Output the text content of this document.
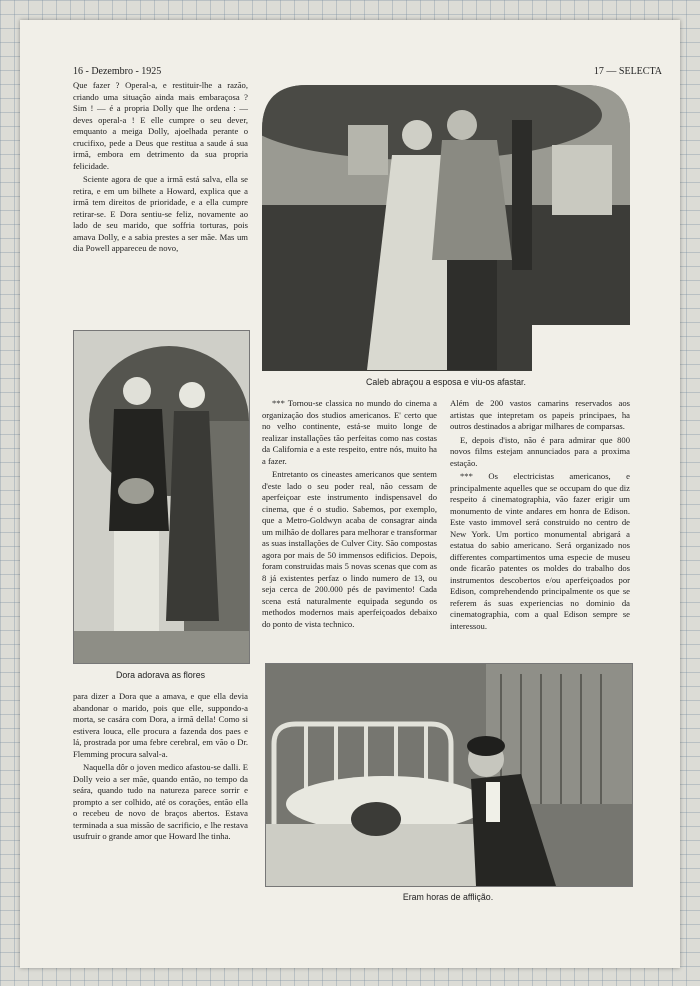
16 - Dezembro - 1925	17 — SELECTA

Que fazer ? Operal-a, e restituir-lhe a razão, criando uma situação ainda mais embaraçosa ? Sim ! — é a propria Dolly que lhe ordena : — deves operal-a ! E elle cumpre o seu dever, emquanto a meiga Dolly, ajoelhada perante o crucifixo, pede a Deus que restitua a saude á sua irmã, embora em detrimento da sua propria felicidade.

Sciente agora de que a irmã está salva, ella se retira, e em um bilhete a Howard, explica que a irmã tem direitos de prioridade, e a ella cumpre retirar-se. E Dora sentiu-se feliz, novamente ao lado de seu marido, que soffria torturas, pois amava Dolly, e a sabia prestes a ser mãe. Mas um dia Powell appareceu de novo,

Caleb abraçou a esposa e viu-os afastar.
Dora adorava as flores

*** Tornou-se classica no mundo do cinema a organização dos studios americanos. E' certo que no velho continente, está-se muito longe de realizar installações tão perfeitas como nas costas da California e a este respeito, entre nós, muito ha a fazer.

Entretanto os cineastes americanos que sentem d'este lado o seu poder real, não cessam de aperfeiçoar este instrumento indispensavel do cinema, que é o studio. Sabemos, por exemplo, que a Metro-Goldwyn acaba de consagrar ainda um milhão de dollares para melhorar e transformar as suas installações de Culver City. São compostas agora por mais de 50 immensos edificios. Depois, foram construidas mais 5 novas scenas que com as 8 já existentes perfaz o lindo numero de 13, ou seja cerca de 200.000 pés de pavimento! Cada scena está naturalmente equipada segundo os methodos modernos mais aperfeiçoados debaixo do ponto de vista technico.

Além de 200 vastos camarins reservados aos artistas que intepretam os papeis principaes, ha outros destinados a abrigar milhares de comparsas.

E, depois d'isto, não é para admirar que 800 novos films estejam annunciados para a proxima estação.

*** Os electricistas americanos, e principalmente aquelles que se occupam do que diz respeito á cinematographia, vão fazer erigir um monumento de vinte andares em honra de Edison. Este vasto immovel será construido no centro de New York. Um portico monumental abrigará a estatua do sabio americano. Será organizado nos differentes compartimentos uma especie de museu onde ficarão patentes os moldes do trabalho dos instrumentos descobertos e/ou aperfeiçoados por Edison, comprehendendo principalmente os que se referem ás suas experiencias no dominio da cinematographia, com a qual Edison sempre se interessou.

para dizer a Dora que a amava, e que ella devia abandonar o marido, pois que elle, suppondo-a morta, se casára com Dora, a irmã della! Como si estivera louca, elle procura a fazenda dos paes e lá, prostrada por uma febre cerebral, em vão o Dr. Flemming procura salval-a.

Naquella dôr o joven medico afastou-se dalli. E Dolly veio a ser mãe, quando então, no tempo da seára, quando tudo na natureza parece sorrir e prompto a ser colhido, até os corações, então ella o recebeu de novo de braços abertos. Estava terminada a sua missão de sacrificio, e lhe restava usufruir o grande amor que Howard lhe tinha.

Eram horas de afflição.
